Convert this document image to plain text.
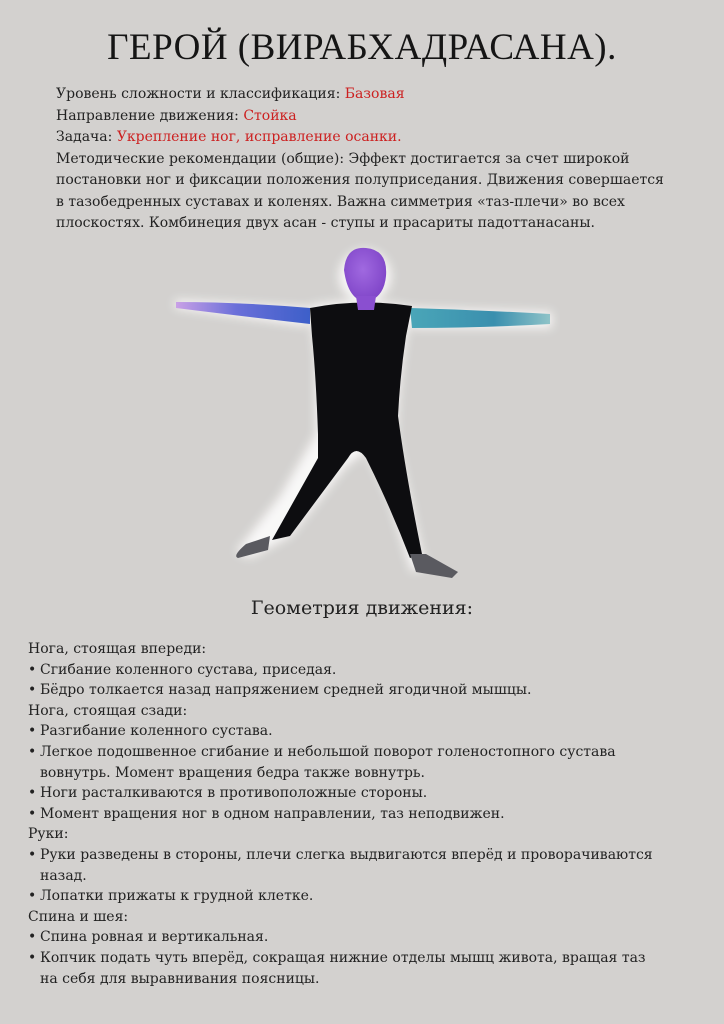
ГЕРОЙ (ВИРАБХАДРАСАНА).
Уровень сложности и классификация: Базовая
Направление движения: Стойка
Задача: Укрепление ног, исправление осанки.
Методические рекомендации (общие): Эффект достигается за счет широкой
постановки ног и фиксации положения полуприседания. Движения совершается
в тазобедренных суставах и коленях. Важна симметрия «таз-плечи» во всех
плоскостях. Комбинеция двух асан - ступы и прасариты падоттанасаны.
Геометрия движения:
Нога, стоящая впереди:
• Сгибание коленного сустава, приседая.
• Бёдро толкается назад напряжением средней ягодичной мышцы.
Нога, стоящая сзади:
• Разгибание коленного сустава.
• Легкое подошвенное сгибание и небольшой поворот голеностопного сустава
вовнутрь. Момент вращения бедра также вовнутрь.
• Ноги расталкиваются в противоположные стороны.
• Момент вращения ног в одном направлении, таз неподвижен.
Руки:
• Руки разведены в стороны, плечи слегка выдвигаются вперёд и проворачиваются
назад.
• Лопатки прижаты к грудной клетке.
Спина и шея:
• Спина ровная и вертикальная.
• Копчик подать чуть вперёд, сокращая нижние отделы мышц живота, вращая таз
на себя для выравнивания поясницы.
